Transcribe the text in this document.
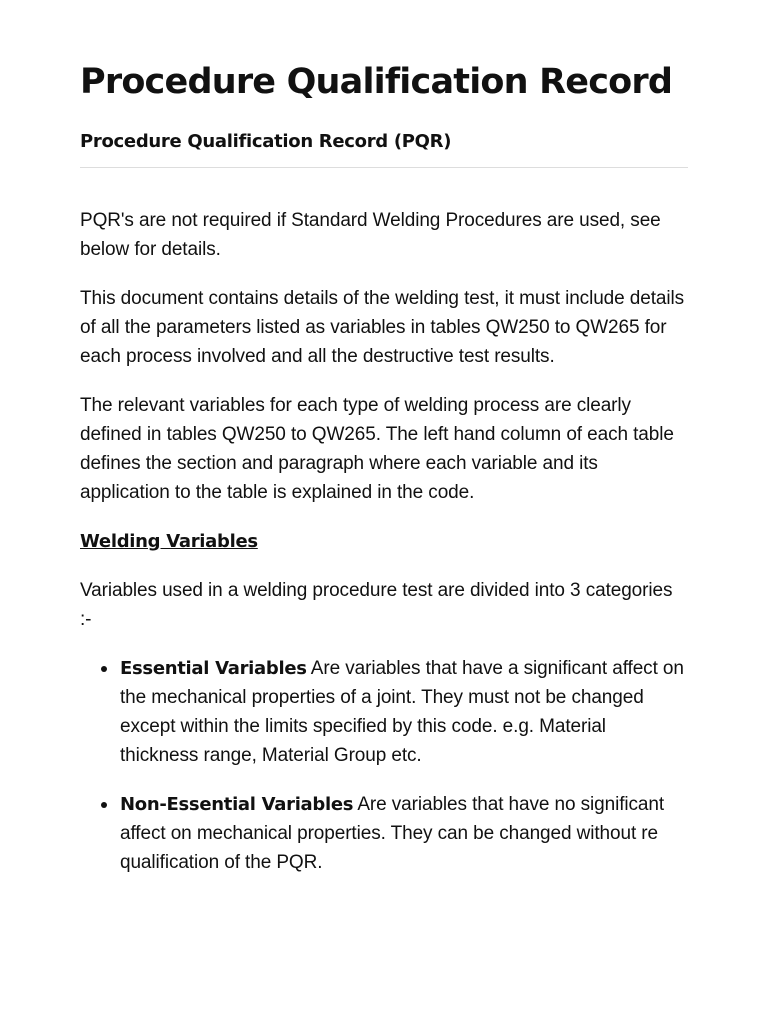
Procedure Qualification Record
Procedure Qualification Record (PQR)

PQR's are not required if Standard Welding Procedures are used, see below for details.

This document contains details of the welding test, it must include details of all the parameters listed as variables in tables QW250 to QW265 for each process involved and all the destructive test results.

The relevant variables for each type of welding process are clearly defined in tables QW250 to QW265. The left hand column of each table defines the section and paragraph where each variable and its application to the table is explained in the code.

Welding Variables

Variables used in a welding procedure test are divided into 3 categories :-

Essential Variables Are variables that have a significant affect on the mechanical properties of a joint. They must not be changed except within the limits specified by this code. e.g. Material thickness range, Material Group etc.
Non-Essential Variables Are variables that have no significant affect on mechanical properties. They can be changed without re qualification of the PQR.
